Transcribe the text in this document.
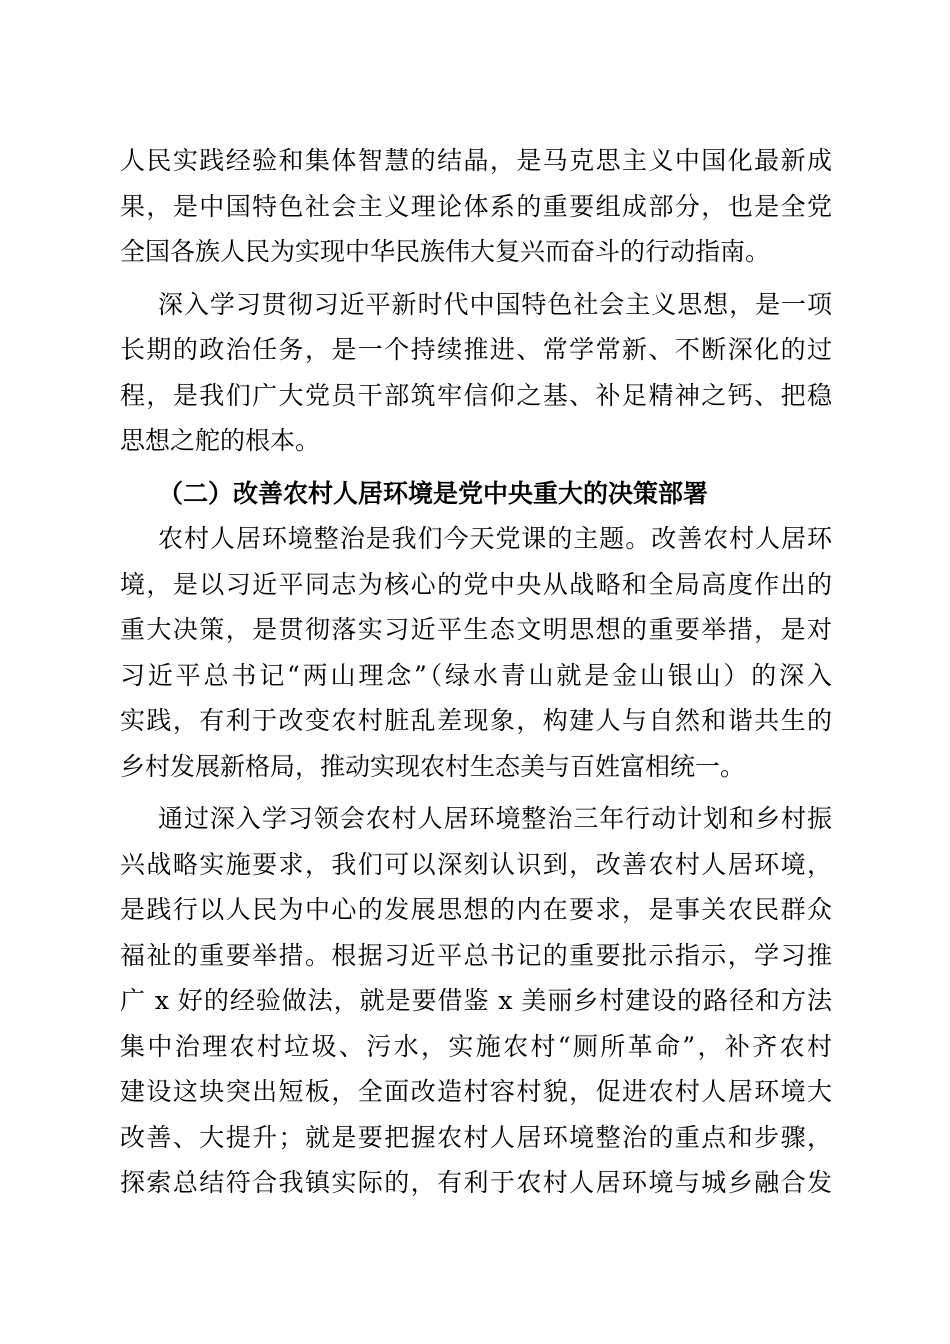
人民实践经验和集体智慧的结晶，是马克思主义中国化最新成
果，是中国特色社会主义理论体系的重要组成部分，也是全党
全国各族人民为实现中华民族伟大复兴而奋斗的行动指南。
深入学习贯彻习近平新时代中国特色社会主义思想，是一项
长期的政治任务，是一个持续推进、常学常新、不断深化的过
程，是我们广大党员干部筑牢信仰之基、补足精神之钙、把稳
思想之舵的根本。
（二）改善农村人居环境是党中央重大的决策部署
农村人居环境整治是我们今天党课的主题。改善农村人居环
境，是以习近平同志为核心的党中央从战略和全局高度作出的
重大决策，是贯彻落实习近平生态文明思想的重要举措，是对
习近平总书记“两山理念”（绿水青山就是金山银山）的深入
实践，有利于改变农村脏乱差现象，构建人与自然和谐共生的
乡村发展新格局，推动实现农村生态美与百姓富相统一。
通过深入学习领会农村人居环境整治三年行动计划和乡村振
兴战略实施要求，我们可以深刻认识到，改善农村人居环境，
是践行以人民为中心的发展思想的内在要求，是事关农民群众
福祉的重要举措。根据习近平总书记的重要批示指示，学习推
广 x 好的经验做法，就是要借鉴 x 美丽乡村建设的路径和方法
集中治理农村垃圾、污水，实施农村“厕所革命”，补齐农村
建设这块突出短板，全面改造村容村貌，促进农村人居环境大
改善、大提升；就是要把握农村人居环境整治的重点和步骤，
探索总结符合我镇实际的，有利于农村人居环境与城乡融合发
